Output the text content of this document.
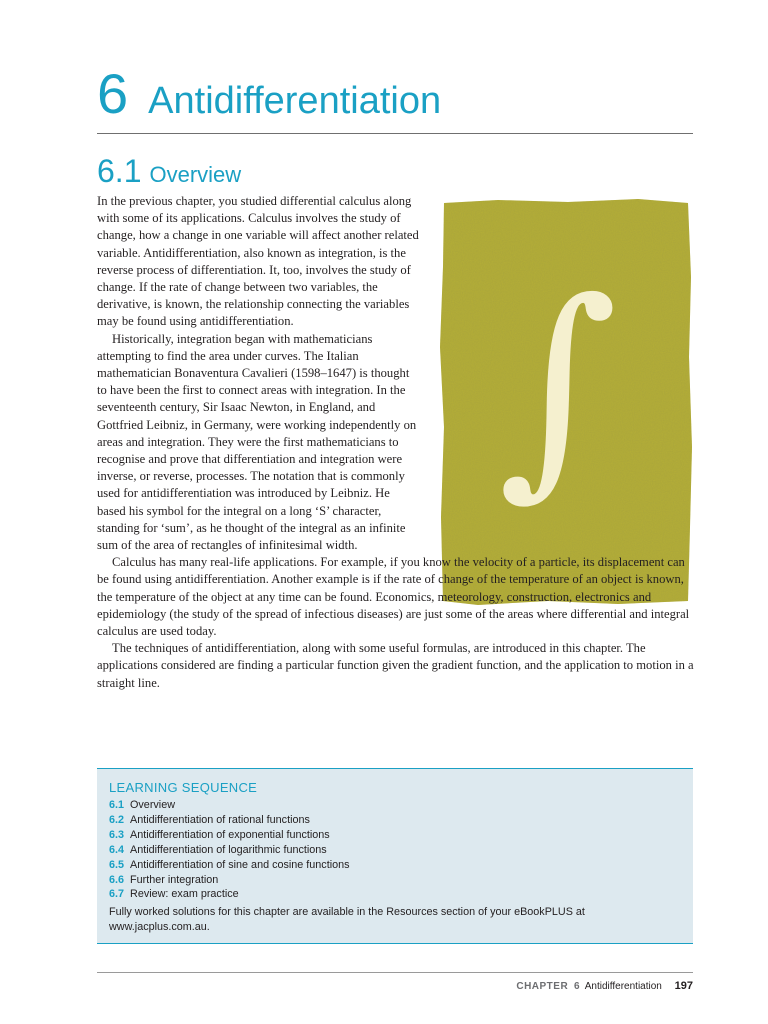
6 Antidifferentiation
6.1 Overview
∫

In the previous chapter, you studied differential calculus along with some of its applications. Calculus involves the study of change, how a change in one variable will affect another related variable. Antidifferentiation, also known as integration, is the reverse process of differentiation. It, too, involves the study of change. If the rate of change between two variables, the derivative, is known, the relationship connecting the variables may be found using antidifferentiation.

Historically, integration began with mathematicians attempting to find the area under curves. The Italian mathematician Bonaventura Cavalieri (1598–1647) is thought to have been the first to connect areas with integration. In the seventeenth century, Sir Isaac Newton, in England, and Gottfried Leibniz, in Germany, were working independently on areas and integration. They were the first mathematicians to recognise and prove that differentiation and integration were inverse, or reverse, processes. The notation that is commonly used for antidifferentiation was introduced by Leibniz. He based his symbol for the integral on a long ‘S’ character, standing for ‘sum’, as he thought of the integral as an infinite sum of the area of rectangles of infinitesimal width.

Calculus has many real-life applications. For example, if you know the velocity of a particle, its displacement can be found using antidifferentiation. Another example is if the rate of change of the temperature of an object is known, the temperature of the object at any time can be found. Economics, meteorology, construction, electronics and epidemiology (the study of the spread of infectious diseases) are just some of the areas where differential and integral calculus are used today.

The techniques of antidifferentiation, along with some useful formulas, are introduced in this chapter. The applications considered are finding a particular function given the gradient function, and the application to motion in a straight line.

LEARNING SEQUENCE
6.1 Overview
6.2 Antidifferentiation of rational functions
6.3 Antidifferentiation of exponential functions
6.4 Antidifferentiation of logarithmic functions
6.5 Antidifferentiation of sine and cosine functions
6.6 Further integration
6.7 Review: exam practice
Fully worked solutions for this chapter are available in the Resources section of your eBookPLUS at www.jacplus.com.au.
CHAPTER 6 Antidifferentiation 197
